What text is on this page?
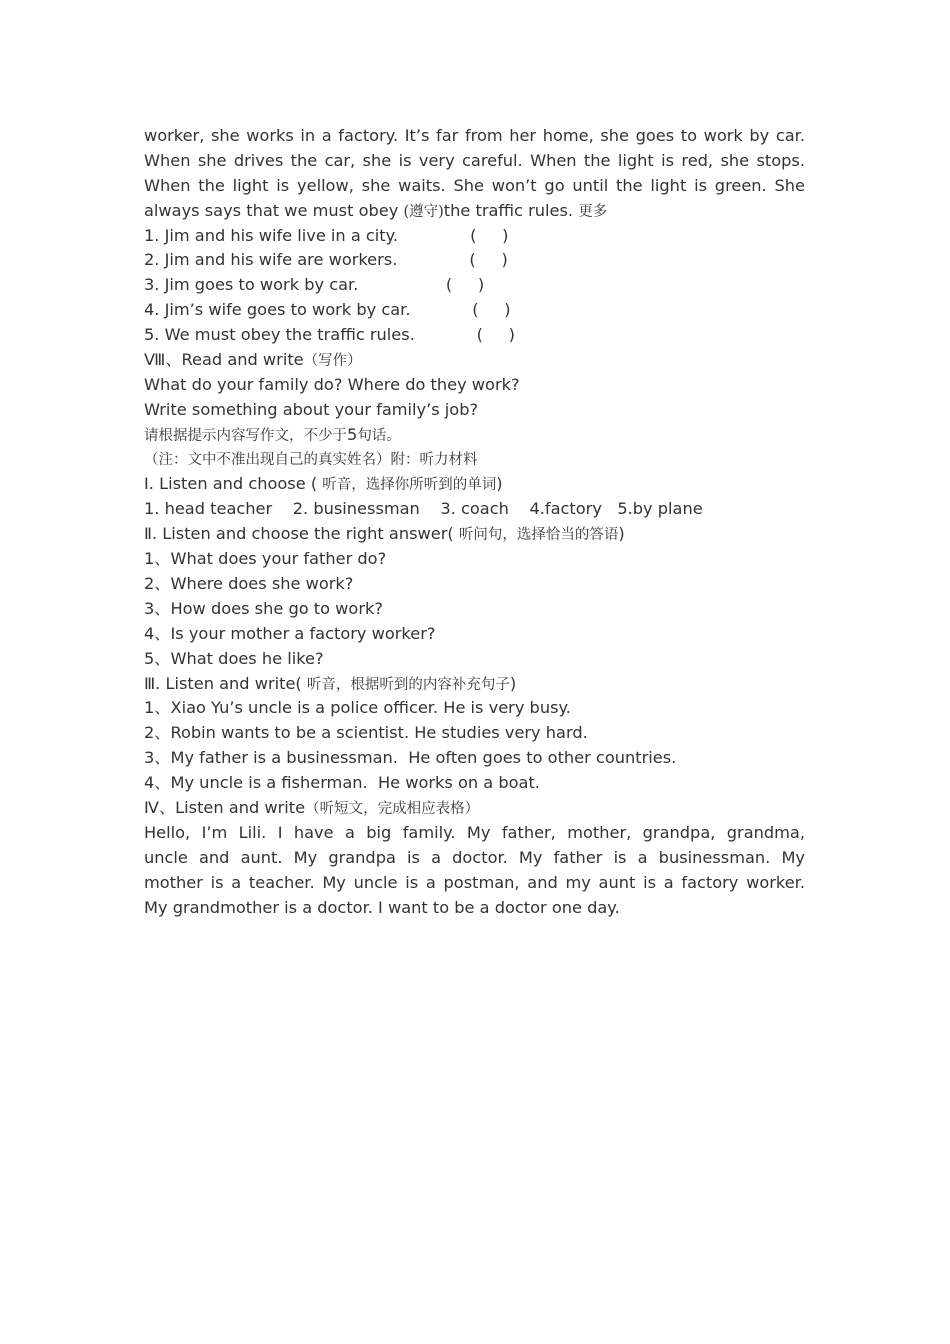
worker, she works in a factory. It’s far from her home, she goes to work by car.
When she drives the car, she is very careful. When the light is red, she stops.
When the light is yellow, she waits. She won’t go until the light is green. She
always says that we must obey (遵守)the traffic rules. 更多
1. Jim and his wife live in a city.              (     )
2. Jim and his wife are workers.              (     )
3. Jim goes to work by car.                 (     )
4. Jim’s wife goes to work by car.            (     )
5. We must obey the traffic rules.            (     )
Ⅷ、Read and write（写作）
What do your family do? Where do they work?
Write something about your family’s job?
请根据提示内容写作文，不少于5句话。
（注：文中不准出现自己的真实姓名）附：听力材料
Ⅰ. Listen and choose ( 听音，选择你所听到的单词)
1. head teacher    2. businessman    3. coach    4.factory   5.by plane
Ⅱ. Listen and choose the right answer( 听问句，选择恰当的答语)
1、What does your father do?
2、Where does she work?
3、How does she go to work?
4、Is your mother a factory worker?
5、What does he like?
Ⅲ. Listen and write( 听音，根据听到的内容补充句子)
1、Xiao Yu’s uncle is a police officer. He is very busy.
2、Robin wants to be a scientist. He studies very hard.
3、My father is a businessman.  He often goes to other countries.
4、My uncle is a fisherman.  He works on a boat.
Ⅳ、Listen and write（听短文，完成相应表格）
Hello, I’m Lili. I have a big family. My father, mother, grandpa, grandma,
uncle and aunt. My grandpa is a doctor. My father is a businessman. My
mother is a teacher. My uncle is a postman, and my aunt is a factory worker.
My grandmother is a doctor. I want to be a doctor one day.
